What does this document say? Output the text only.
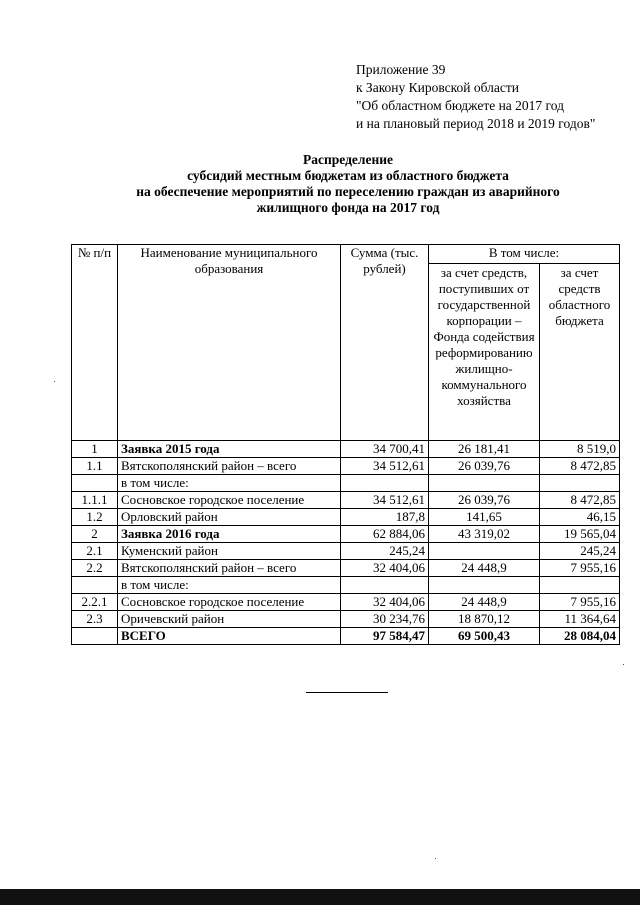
Приложение 39
к Закону Кировской области
"Об областном бюджете на 2017 год
и на плановый период 2018 и 2019 годов"
Распределение
субсидий местным бюджетам из областного бюджета
на обеспечение мероприятий по переселению граждан из аварийного
жилищного фонда на 2017 год
№ п/п	Наименование муниципального образования	Сумма (тыс. рублей)	В том числе:	
			за счет средств, поступивших от государственной корпорации – Фонда содействия реформированию жилищно-коммунального хозяйства	за счет средств областного бюджета
1	Заявка 2015 года	34 700,41	26 181,41	8 519,0
1.1	Вятскополянский район – всего	34 512,61	26 039,76	8 472,85
	в том числе:			
1.1.1	Сосновское городское поселение	34 512,61	26 039,76	8 472,85
1.2	Орловский район	187,8	141,65	46,15
2	Заявка 2016 года	62 884,06	43 319,02	19 565,04
2.1	Куменский район	245,24		245,24
2.2	Вятскополянский район – всего	32 404,06	24 448,9	7 955,16
	в том числе:			
2.2.1	Сосновское городское поселение	32 404,06	24 448,9	7 955,16
2.3	Оричевский район	30 234,76	18 870,12	11 364,64
	ВСЕГО	97 584,47	69 500,43	28 084,04
